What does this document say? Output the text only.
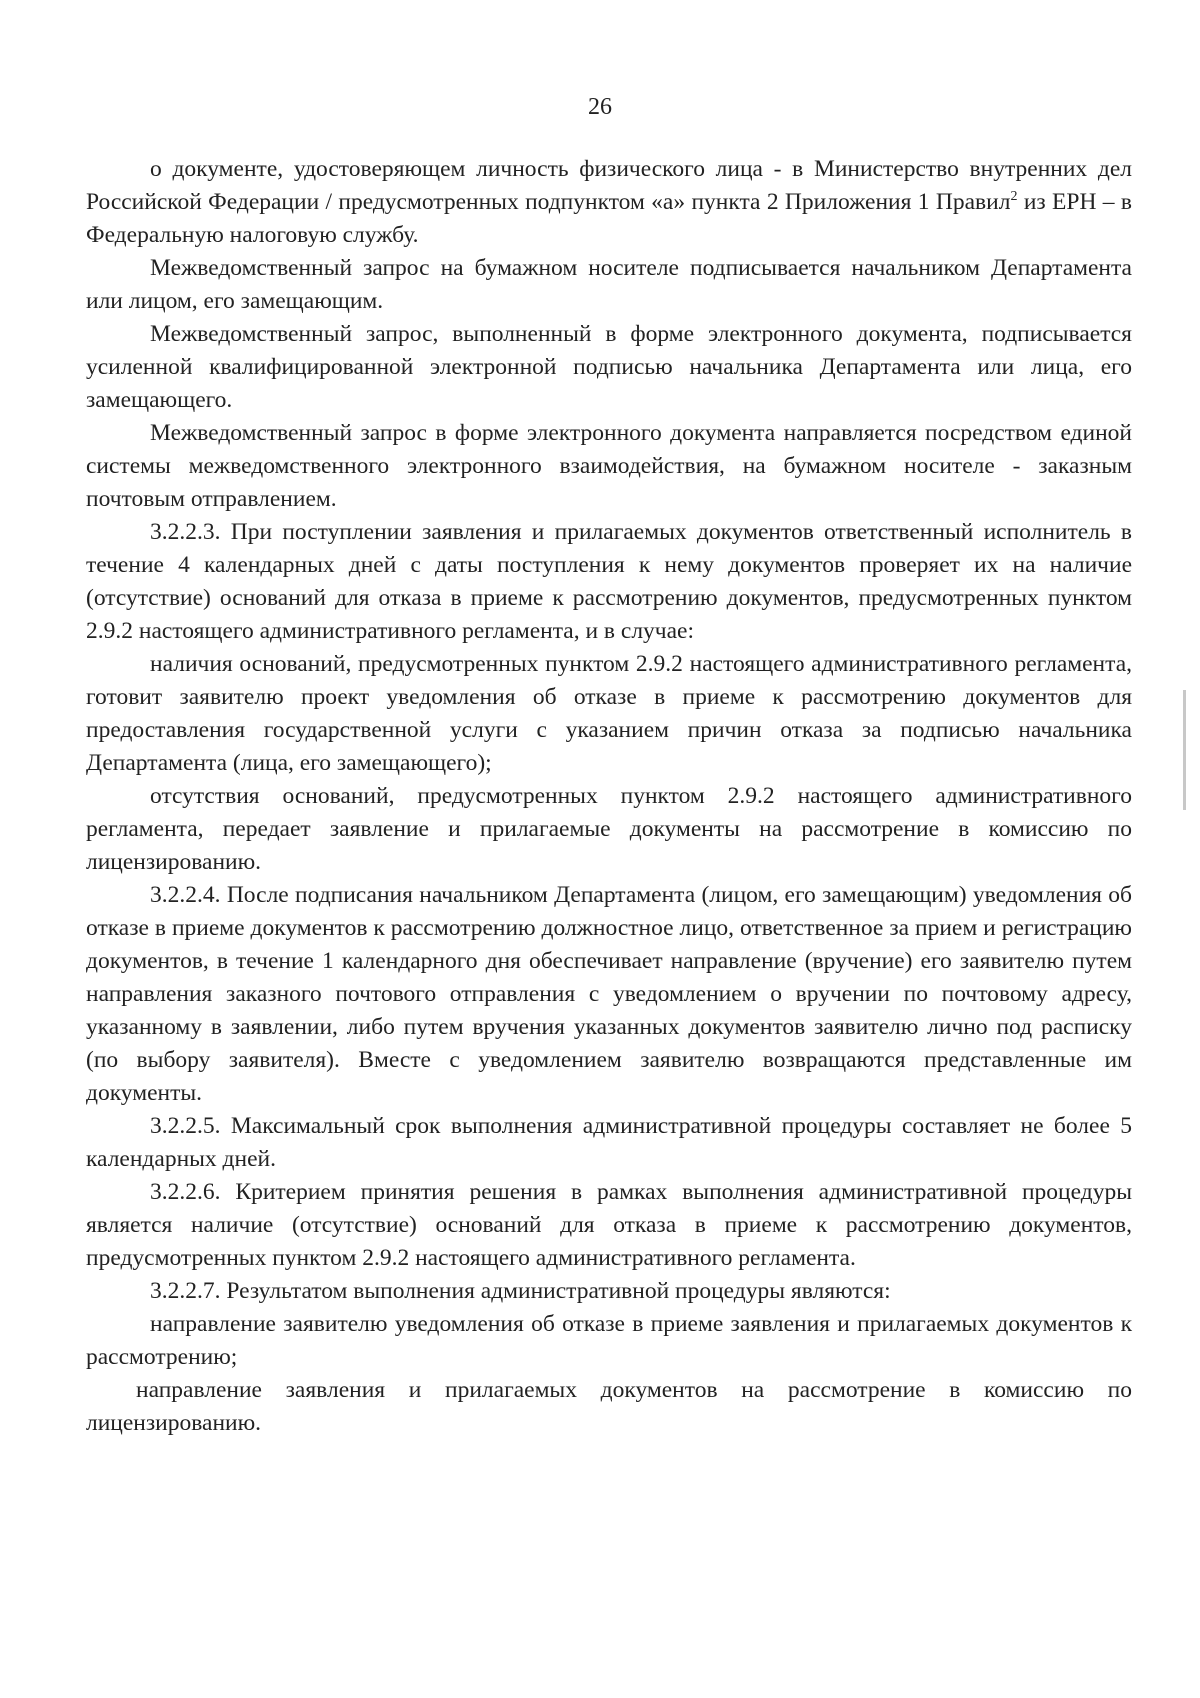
26

о документе, удостоверяющем личность физического лица - в Министерство внутренних дел Российской Федерации / предусмотренных подпунктом «а» пункта 2 Приложения 1 Правил$^2$ из ЕРН – в Федеральную налоговую службу.

Межведомственный запрос на бумажном носителе подписывается начальником Департамента или лицом, его замещающим.

Межведомственный запрос, выполненный в форме электронного документа, подписывается усиленной квалифицированной электронной подписью начальника Департамента или лица, его замещающего.

Межведомственный запрос в форме электронного документа направляется посредством единой системы межведомственного электронного взаимодействия, на бумажном носителе - заказным почтовым отправлением.

3.2.2.3. При поступлении заявления и прилагаемых документов ответственный исполнитель в течение 4 календарных дней с даты поступления к нему документов проверяет их на наличие (отсутствие) оснований для отказа в приеме к рассмотрению документов, предусмотренных пунктом 2.9.2 настоящего административного регламента, и в случае:

наличия оснований, предусмотренных пунктом 2.9.2 настоящего административного регламента, готовит заявителю проект уведомления об отказе в приеме к рассмотрению документов для предоставления государственной услуги с указанием причин отказа за подписью начальника Департамента (лица, его замещающего);

отсутствия оснований, предусмотренных пунктом 2.9.2 настоящего административного регламента, передает заявление и прилагаемые документы на рассмотрение в комиссию по лицензированию.

3.2.2.4. После подписания начальником Департамента (лицом, его замещающим) уведомления об отказе в приеме документов к рассмотрению должностное лицо, ответственное за прием и регистрацию документов, в течение 1 календарного дня обеспечивает направление (вручение) его заявителю путем направления заказного почтового отправления с уведомлением о вручении по почтовому адресу, указанному в заявлении, либо путем вручения указанных документов заявителю лично под расписку (по выбору заявителя). Вместе с уведомлением заявителю возвращаются представленные им документы.

3.2.2.5. Максимальный срок выполнения административной процедуры составляет не более 5 календарных дней.

3.2.2.6. Критерием принятия решения в рамках выполнения административной процедуры является наличие (отсутствие) оснований для отказа в приеме к рассмотрению документов, предусмотренных пунктом 2.9.2 настоящего административного регламента.

3.2.2.7. Результатом выполнения административной процедуры являются:

направление заявителю уведомления об отказе в приеме заявления и прилагаемых документов к рассмотрению;

направление заявления и прилагаемых документов на рассмотрение в комиссию по лицензированию.
